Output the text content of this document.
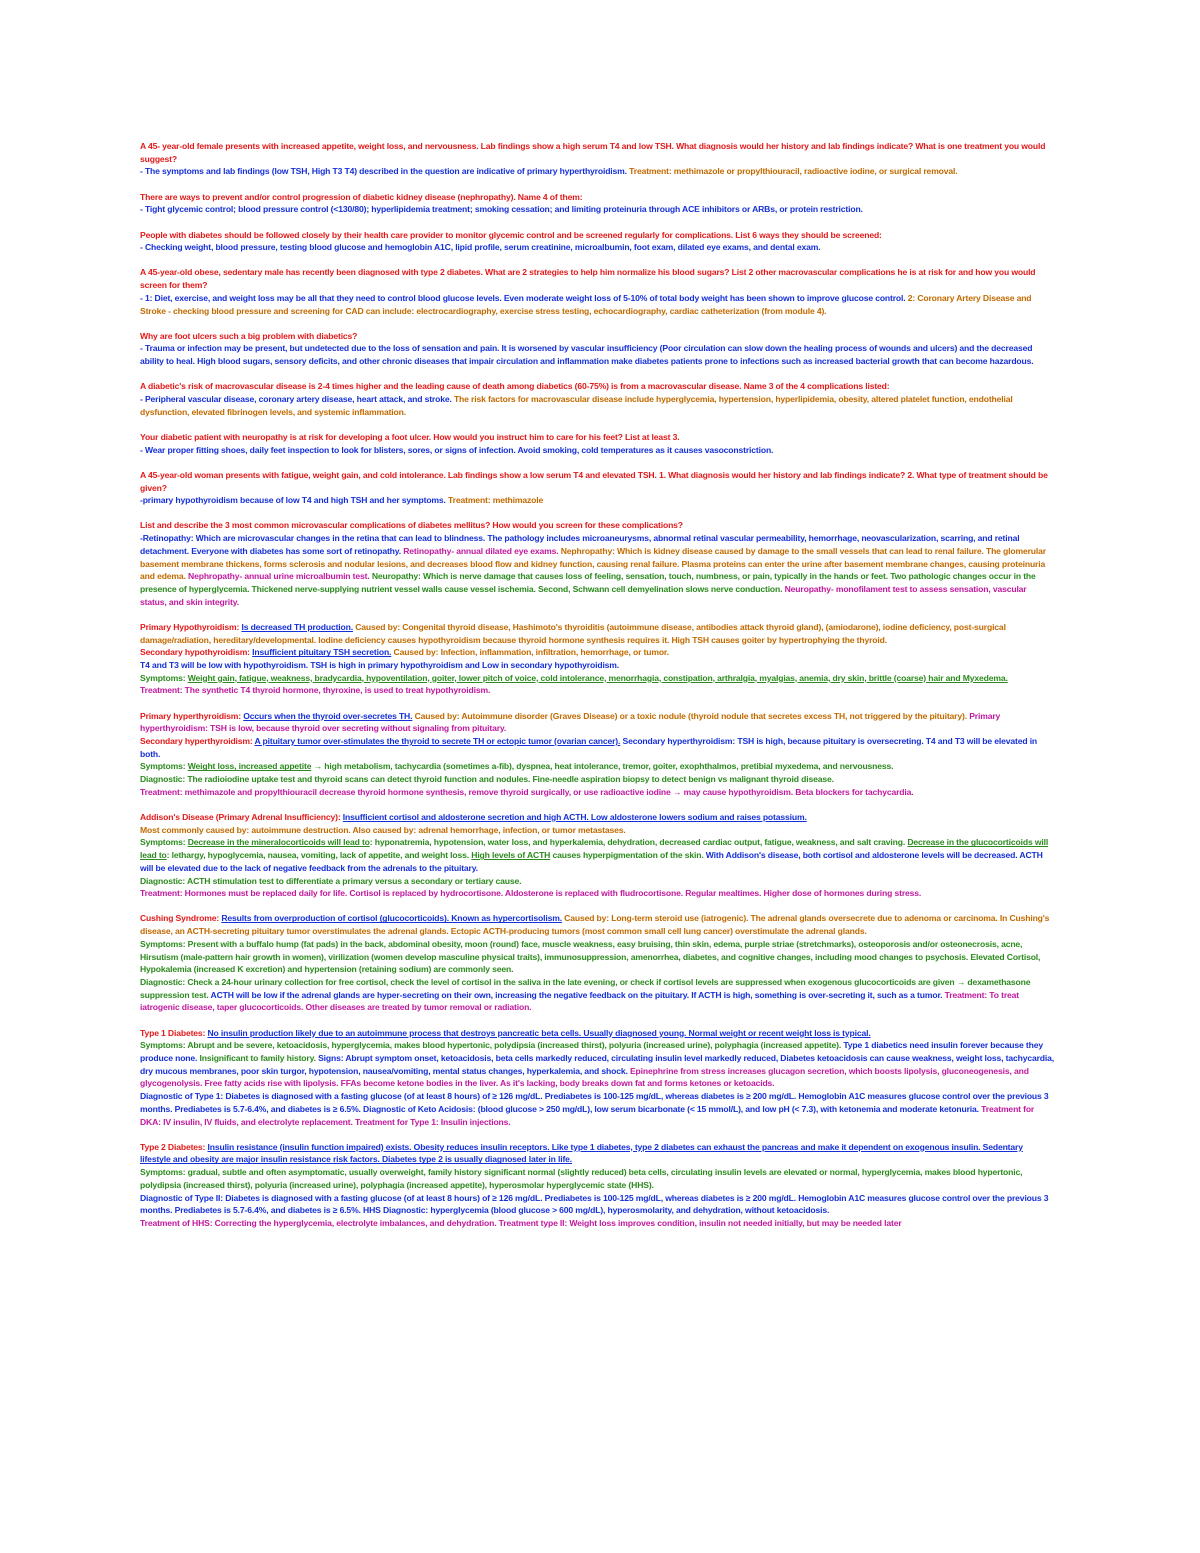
A 45- year-old female presents with increased appetite, weight loss, and nervousness. Lab findings show a high serum T4 and low TSH. What diagnosis would her history and lab findings indicate? What is one treatment you would suggest?

- The symptoms and lab findings (low TSH, High T3 T4) described in the question are indicative of primary hyperthyroidism. Treatment: methimazole or propylthiouracil, radioactive iodine, or surgical removal.

There are ways to prevent and/or control progression of diabetic kidney disease (nephropathy). Name 4 of them:

- Tight glycemic control; blood pressure control (<130/80); hyperlipidemia treatment; smoking cessation; and limiting proteinuria through ACE inhibitors or ARBs, or protein restriction.

People with diabetes should be followed closely by their health care provider to monitor glycemic control and be screened regularly for complications. List 6 ways they should be screened:

- Checking weight, blood pressure, testing blood glucose and hemoglobin A1C, lipid profile, serum creatinine, microalbumin, foot exam, dilated eye exams, and dental exam.

A 45-year-old obese, sedentary male has recently been diagnosed with type 2 diabetes. What are 2 strategies to help him normalize his blood sugars? List 2 other macrovascular complications he is at risk for and how you would screen for them?

- 1: Diet, exercise, and weight loss may be all that they need to control blood glucose levels. Even moderate weight loss of 5-10% of total body weight has been shown to improve glucose control. 2: Coronary Artery Disease and Stroke - checking blood pressure and screening for CAD can include: electrocardiography, exercise stress testing, echocardiography, cardiac catheterization (from module 4).

Why are foot ulcers such a big problem with diabetics?

- Trauma or infection may be present, but undetected due to the loss of sensation and pain. It is worsened by vascular insufficiency (Poor circulation can slow down the healing process of wounds and ulcers) and the decreased ability to heal. High blood sugars, sensory deficits, and other chronic diseases that impair circulation and inflammation make diabetes patients prone to infections such as increased bacterial growth that can become hazardous.

A diabetic's risk of macrovascular disease is 2-4 times higher and the leading cause of death among diabetics (60-75%) is from a macrovascular disease. Name 3 of the 4 complications listed:

- Peripheral vascular disease, coronary artery disease, heart attack, and stroke. The risk factors for macrovascular disease include hyperglycemia, hypertension, hyperlipidemia, obesity, altered platelet function, endothelial dysfunction, elevated fibrinogen levels, and systemic inflammation.

Your diabetic patient with neuropathy is at risk for developing a foot ulcer. How would you instruct him to care for his feet? List at least 3.

- Wear proper fitting shoes, daily feet inspection to look for blisters, sores, or signs of infection. Avoid smoking, cold temperatures as it causes vasoconstriction.

A 45-year-old woman presents with fatigue, weight gain, and cold intolerance. Lab findings show a low serum T4 and elevated TSH. 1. What diagnosis would her history and lab findings indicate? 2. What type of treatment should be given?

-primary hypothyroidism because of low T4 and high TSH and her symptoms. Treatment: methimazole

List and describe the 3 most common microvascular complications of diabetes mellitus? How would you screen for these complications?

-Retinopathy: Which are microvascular changes in the retina that can lead to blindness. The pathology includes microaneurysms, abnormal retinal vascular permeability, hemorrhage, neovascularization, scarring, and retinal detachment. Everyone with diabetes has some sort of retinopathy. Retinopathy- annual dilated eye exams. Nephropathy: Which is kidney disease caused by damage to the small vessels that can lead to renal failure. The glomerular basement membrane thickens, forms sclerosis and nodular lesions, and decreases blood flow and kidney function, causing renal failure. Plasma proteins can enter the urine after basement membrane changes, causing proteinuria and edema. Nephropathy- annual urine microalbumin test. Neuropathy: Which is nerve damage that causes loss of feeling, sensation, touch, numbness, or pain, typically in the hands or feet. Two pathologic changes occur in the presence of hyperglycemia. Thickened nerve-supplying nutrient vessel walls cause vessel ischemia. Second, Schwann cell demyelination slows nerve conduction. Neuropathy- monofilament test to assess sensation, vascular status, and skin integrity.

Primary Hypothyroidism: Is decreased TH production. Caused by: Congenital thyroid disease, Hashimoto's thyroiditis (autoimmune disease, antibodies attack thyroid gland), (amiodarone), iodine deficiency, post-surgical damage/radiation, hereditary/developmental. Iodine deficiency causes hypothyroidism because thyroid hormone synthesis requires it. High TSH causes goiter by hypertrophying the thyroid.

Secondary hypothyroidism: Insufficient pituitary TSH secretion. Caused by: Infection, inflammation, infiltration, hemorrhage, or tumor.

T4 and T3 will be low with hypothyroidism. TSH is high in primary hypothyroidism and Low in secondary hypothyroidism.

Symptoms: Weight gain, fatigue, weakness, bradycardia, hypoventilation, goiter, lower pitch of voice, cold intolerance, menorrhagia, constipation, arthralgia, myalgias, anemia, dry skin, brittle (coarse) hair and Myxedema.

Treatment: The synthetic T4 thyroid hormone, thyroxine, is used to treat hypothyroidism.

Primary hyperthyroidism: Occurs when the thyroid over-secretes TH. Caused by: Autoimmune disorder (Graves Disease) or a toxic nodule (thyroid nodule that secretes excess TH, not triggered by the pituitary). Primary hyperthyroidism: TSH is low, because thyroid over secreting without signaling from pituitary.

Secondary hyperthyroidism: A pituitary tumor over-stimulates the thyroid to secrete TH or ectopic tumor (ovarian cancer). Secondary hyperthyroidism: TSH is high, because pituitary is oversecreting. T4 and T3 will be elevated in both.

Symptoms: Weight loss, increased appetite → high metabolism, tachycardia (sometimes a-fib), dyspnea, heat intolerance, tremor, goiter, exophthalmos, pretibial myxedema, and nervousness.

Diagnostic: The radioiodine uptake test and thyroid scans can detect thyroid function and nodules. Fine-needle aspiration biopsy to detect benign vs malignant thyroid disease.

Treatment: methimazole and propylthiouracil decrease thyroid hormone synthesis, remove thyroid surgically, or use radioactive iodine → may cause hypothyroidism. Beta blockers for tachycardia.

Addison's Disease (Primary Adrenal Insufficiency): Insufficient cortisol and aldosterone secretion and high ACTH. Low aldosterone lowers sodium and raises potassium.

Most commonly caused by: autoimmune destruction. Also caused by: adrenal hemorrhage, infection, or tumor metastases.

Symptoms: Decrease in the mineralocorticoids will lead to: hyponatremia, hypotension, water loss, and hyperkalemia, dehydration, decreased cardiac output, fatigue, weakness, and salt craving. Decrease in the glucocorticoids will lead to: lethargy, hypoglycemia, nausea, vomiting, lack of appetite, and weight loss. High levels of ACTH causes hyperpigmentation of the skin. With Addison's disease, both cortisol and aldosterone levels will be decreased. ACTH will be elevated due to the lack of negative feedback from the adrenals to the pituitary.

Diagnostic: ACTH stimulation test to differentiate a primary versus a secondary or tertiary cause.

Treatment: Hormones must be replaced daily for life. Cortisol is replaced by hydrocortisone. Aldosterone is replaced with fludrocortisone. Regular mealtimes. Higher dose of hormones during stress.

Cushing Syndrome: Results from overproduction of cortisol (glucocorticoids). Known as hypercortisolism. Caused by: Long-term steroid use (iatrogenic). The adrenal glands oversecrete due to adenoma or carcinoma. In Cushing's disease, an ACTH-secreting pituitary tumor overstimulates the adrenal glands. Ectopic ACTH-producing tumors (most common small cell lung cancer) overstimulate the adrenal glands.

Symptoms: Present with a buffalo hump (fat pads) in the back, abdominal obesity, moon (round) face, muscle weakness, easy bruising, thin skin, edema, purple striae (stretchmarks), osteoporosis and/or osteonecrosis, acne, Hirsutism (male-pattern hair growth in women), virilization (women develop masculine physical traits), immunosuppression, amenorrhea, diabetes, and cognitive changes, including mood changes to psychosis. Elevated Cortisol, Hypokalemia (increased K excretion) and hypertension (retaining sodium) are commonly seen.

Diagnostic: Check a 24-hour urinary collection for free cortisol, check the level of cortisol in the saliva in the late evening, or check if cortisol levels are suppressed when exogenous glucocorticoids are given → dexamethasone suppression test. ACTH will be low if the adrenal glands are hyper-secreting on their own, increasing the negative feedback on the pituitary. If ACTH is high, something is over-secreting it, such as a tumor. Treatment: To treat iatrogenic disease, taper glucocorticoids. Other diseases are treated by tumor removal or radiation.

Type 1 Diabetes: No insulin production likely due to an autoimmune process that destroys pancreatic beta cells. Usually diagnosed young. Normal weight or recent weight loss is typical.

Symptoms: Abrupt and be severe, ketoacidosis, hyperglycemia, makes blood hypertonic, polydipsia (increased thirst), polyuria (increased urine), polyphagia (increased appetite). Type 1 diabetics need insulin forever because they produce none. Insignificant to family history. Signs: Abrupt symptom onset, ketoacidosis, beta cells markedly reduced, circulating insulin level markedly reduced, Diabetes ketoacidosis can cause weakness, weight loss, tachycardia, dry mucous membranes, poor skin turgor, hypotension, nausea/vomiting, mental status changes, hyperkalemia, and shock. Epinephrine from stress increases glucagon secretion, which boosts lipolysis, gluconeogenesis, and glycogenolysis. Free fatty acids rise with lipolysis. FFAs become ketone bodies in the liver. As it's lacking, body breaks down fat and forms ketones or ketoacids.

Diagnostic of Type 1: Diabetes is diagnosed with a fasting glucose (of at least 8 hours) of ≥ 126 mg/dL. Prediabetes is 100-125 mg/dL, whereas diabetes is ≥ 200 mg/dL. Hemoglobin A1C measures glucose control over the previous 3 months. Prediabetes is 5.7-6.4%, and diabetes is ≥ 6.5%. Diagnostic of Keto Acidosis: (blood glucose > 250 mg/dL), low serum bicarbonate (< 15 mmol/L), and low pH (< 7.3), with ketonemia and moderate ketonuria. Treatment for DKA: IV insulin, IV fluids, and electrolyte replacement. Treatment for Type 1: Insulin injections.

Type 2 Diabetes: Insulin resistance (insulin function impaired) exists. Obesity reduces insulin receptors. Like type 1 diabetes, type 2 diabetes can exhaust the pancreas and make it dependent on exogenous insulin. Sedentary lifestyle and obesity are major insulin resistance risk factors. Diabetes type 2 is usually diagnosed later in life.

Symptoms: gradual, subtle and often asymptomatic, usually overweight, family history significant normal (slightly reduced) beta cells, circulating insulin levels are elevated or normal, hyperglycemia, makes blood hypertonic, polydipsia (increased thirst), polyuria (increased urine), polyphagia (increased appetite), hyperosmolar hyperglycemic state (HHS).

Diagnostic of Type II: Diabetes is diagnosed with a fasting glucose (of at least 8 hours) of ≥ 126 mg/dL. Prediabetes is 100-125 mg/dL, whereas diabetes is ≥ 200 mg/dL. Hemoglobin A1C measures glucose control over the previous 3 months. Prediabetes is 5.7-6.4%, and diabetes is ≥ 6.5%. HHS Diagnostic: hyperglycemia (blood glucose > 600 mg/dL), hyperosmolarity, and dehydration, without ketoacidosis.

Treatment of HHS: Correcting the hyperglycemia, electrolyte imbalances, and dehydration. Treatment type II: Weight loss improves condition, insulin not needed initially, but may be needed later
